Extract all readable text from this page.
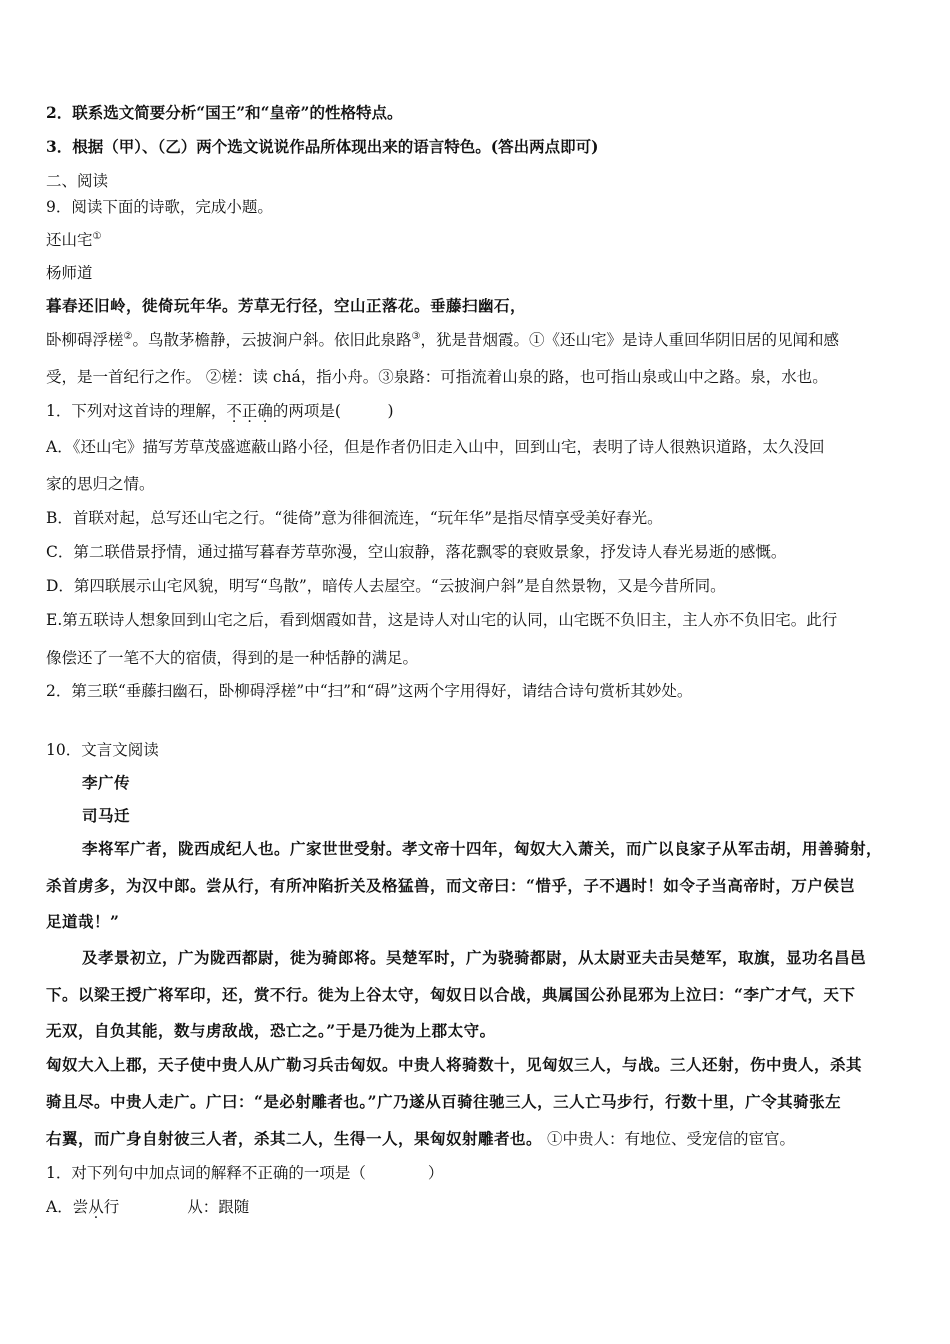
2．联系选文简要分析“国王”和“皇帝”的性格特点。
3．根据（甲）、（乙）两个选文说说作品所体现出来的语言特色。(答出两点即可)
二、阅读
9．阅读下面的诗歌，完成小题。
还山宅①
杨师道
暮春还旧岭，徙倚玩年华。芳草无行径，空山正落花。垂藤扫幽石，
卧柳碍浮槎②。鸟散茅檐静，云披涧户斜。依旧此泉路③，犹是昔烟霞。①《还山宅》是诗人重回华阴旧居的见闻和感
受，是一首纪行之作。 ②槎：读 chá，指小舟。③泉路：可指流着山泉的路，也可指山泉或山中之路。泉，水也。
1．下列对这首诗的理解，不正确的两项是(　　　)
A．《还山宅》描写芳草茂盛遮蔽山路小径，但是作者仍旧走入山中，回到山宅，表明了诗人很熟识道路，太久没回
家的思归之情。
B．首联对起，总写还山宅之行。“徙倚”意为徘徊流连，“玩年华”是指尽情享受美好春光。
C．第二联借景抒情，通过描写暮春芳草弥漫，空山寂静，落花飘零的衰败景象，抒发诗人春光易逝的感慨。
D．第四联展示山宅风貌，明写“鸟散”，暗传人去屋空。“云披涧户斜”是自然景物，又是今昔所同。
E.第五联诗人想象回到山宅之后，看到烟霞如昔，这是诗人对山宅的认同，山宅既不负旧主，主人亦不负旧宅。此行
像偿还了一笔不大的宿债，得到的是一种恬静的满足。
2．第三联“垂藤扫幽石，卧柳碍浮槎”中“扫”和“碍”这两个字用得好，请结合诗句赏析其妙处。
10．文言文阅读
李广传
司马迁
李将军广者，陇西成纪人也。广家世世受射。孝文帝十四年，匈奴大入萧关，而广以良家子从军击胡，用善骑射，
杀首虏多，为汉中郎。尝从行，有所冲陷折关及格猛兽，而文帝曰：“惜乎，子不遇时！如令子当高帝时，万户侯岂
足道哉！”
及孝景初立，广为陇西都尉，徙为骑郎将。吴楚军时，广为骁骑都尉，从太尉亚夫击吴楚军，取旗，显功名昌邑
下。以梁王授广将军印，还，赏不行。徙为上谷太守，匈奴日以合战，典属国公孙昆邪为上泣曰：“李广才气，天下
无双，自负其能，数与虏敌战，恐亡之。”于是乃徙为上郡太守。
匈奴大入上郡，天子使中贵人从广勒习兵击匈奴。中贵人将骑数十，见匈奴三人，与战。三人还射，伤中贵人，杀其
骑且尽。中贵人走广。广曰：“是必射雕者也。”广乃遂从百骑往驰三人，三人亡马步行，行数十里，广令其骑张左
右翼，而广身自射彼三人者，杀其二人，生得一人，果匈奴射雕者也。 ①中贵人：有地位、受宠信的宦官。
1．对下列句中加点词的解释不正确的一项是（　　　　）
A．尝从行	从：跟随
